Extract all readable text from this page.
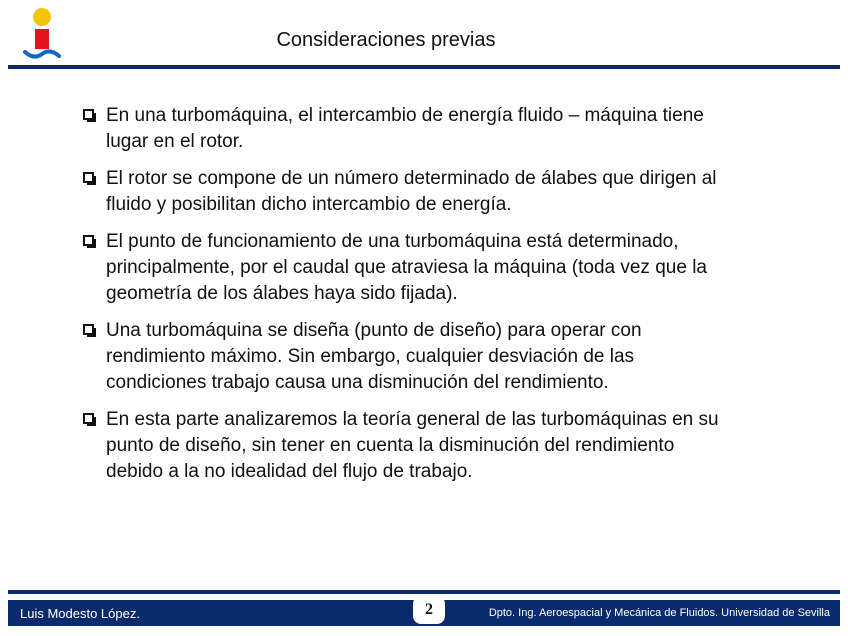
Consideraciones previas
En una turbomáquina, el intercambio de energía fluido – máquina tiene
lugar en el rotor.
El rotor se compone de un número determinado de álabes que dirigen al
fluido y posibilitan dicho intercambio de energía.
El punto de funcionamiento de una turbomáquina está determinado,
principalmente, por el caudal que atraviesa la máquina (toda vez que la
geometría de los álabes haya sido fijada).
Una turbomáquina se diseña (punto de diseño) para operar con
rendimiento máximo. Sin embargo, cualquier desviación de las
condiciones trabajo causa una disminución del rendimiento.
En esta parte analizaremos la teoría general de las turbomáquinas en su
punto de diseño, sin tener en cuenta la disminución del rendimiento
debido a la no idealidad del flujo de trabajo.
Luis Modesto López.	2	Dpto. Ing. Aeroespacial y Mecánica de Fluidos. Universidad de Sevilla
